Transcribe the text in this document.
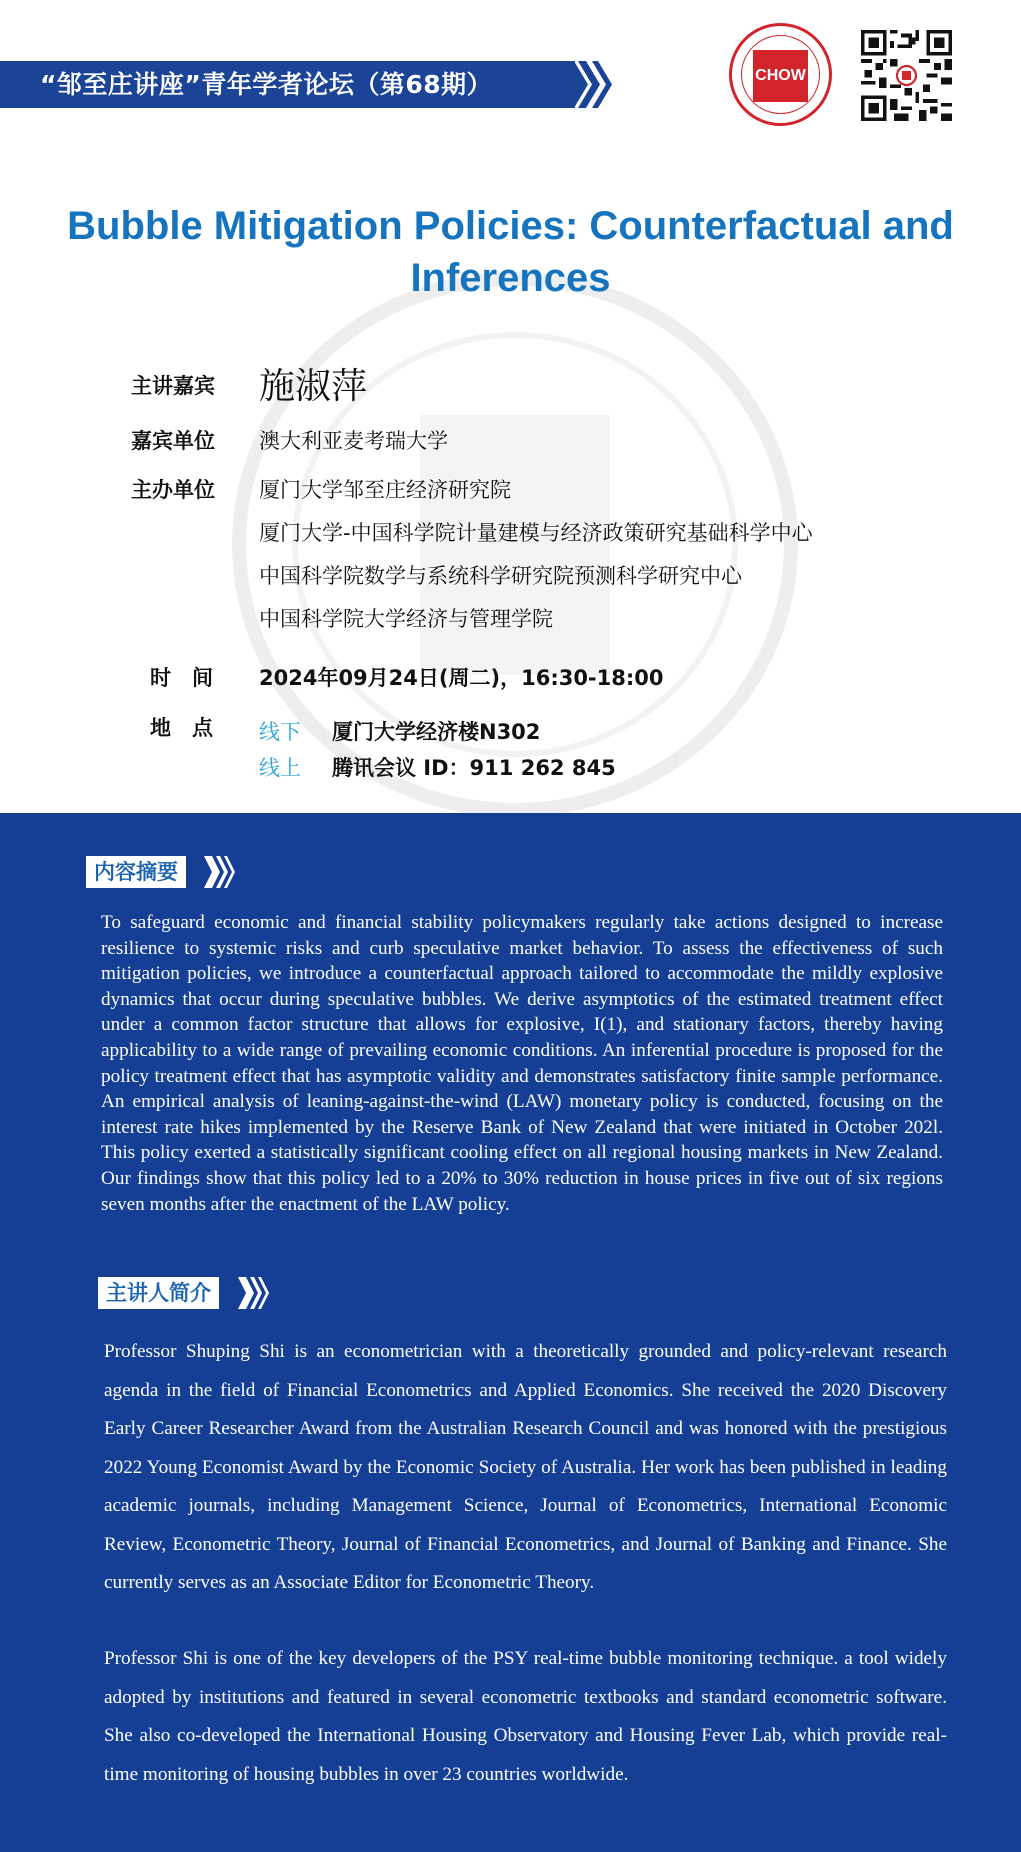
“邹至庄讲座”青年学者论坛（第68期）	CHOW
Bubble Mitigation Policies: Counterfactual and
Inferences
主讲嘉宾 施淑萍
嘉宾单位 澳大利亚麦考瑞大学
主办单位 厦门大学邹至庄经济研究院
厦门大学-中国科学院计量建模与经济政策研究基础科学中心
中国科学院数学与系统科学研究院预测科学研究中心
中国科学院大学经济与管理学院
时　间 2024年09月24日(周二)，16:30-18:00
地　点 线下 厦门大学经济楼N302
线上 腾讯会议 ID：911 262 845
内容摘要
To safeguard economic and financial stability policymakers regularly take actions designed to increase resilience to systemic risks and curb speculative market behavior. To assess the effectiveness of such mitigation policies, we introduce a counterfactual approach tailored to accommodate the mildly explosive dynamics that occur during speculative bubbles. We derive asymptotics of the estimated treatment effect under a common factor structure that allows for explosive, I(1), and stationary factors, thereby having applicability to a wide range of prevailing economic conditions. An inferential procedure is proposed for the policy treatment effect that has asymptotic validity and demonstrates satisfactory finite sample performance. An empirical analysis of leaning-against-the-wind (LAW) monetary policy is conducted, focusing on the interest rate hikes implemented by the Reserve Bank of New Zealand that were initiated in October 202l. This policy exerted a statistically significant cooling effect on all regional housing markets in New Zealand. Our findings show that this policy led to a 20% to 30% reduction in house prices in five out of six regions seven months after the enactment of the LAW policy.
主讲人简介
Professor Shuping Shi is an econometrician with a theoretically grounded and policy-relevant research agenda in the field of Financial Econometrics and Applied Economics. She received the 2020 Discovery Early Career Researcher Award from the Australian Research Council and was honored with the prestigious 2022 Young Economist Award by the Economic Society of Australia. Her work has been published in leading academic journals, including Management Science, Journal of Econometrics, International Economic Review, Econometric Theory, Journal of Financial Econometrics, and Journal of Banking and Finance. She currently serves as an Associate Editor for Econometric Theory.
Professor Shi is one of the key developers of the PSY real-time bubble monitoring technique. a tool widely adopted by institutions and featured in several econometric textbooks and standard econometric software. She also co-developed the International Housing Observatory and Housing Fever Lab, which provide real-time monitoring of housing bubbles in over 23 countries worldwide.
